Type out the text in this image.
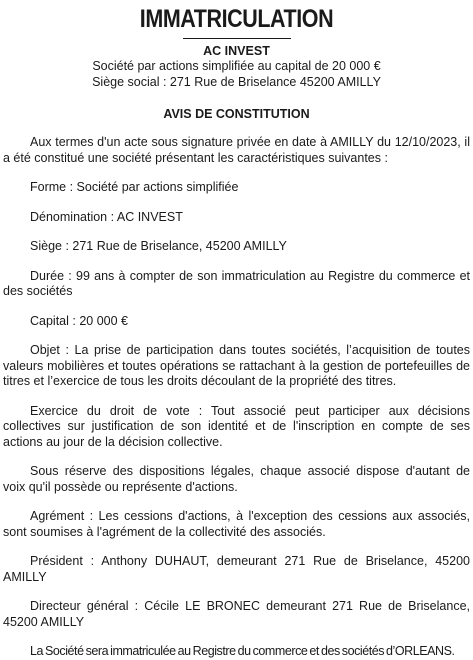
IMMATRICULATION
AC INVEST
Société par actions simplifiée au capital de 20 000 €
Siège social : 271 Rue de Briselance 45200 AMILLY
AVIS DE CONSTITUTION

Aux termes d'un acte sous signature privée en date à AMILLY du 12/10/2023, il a été constitué une société présentant les caractéristiques suivantes :

Forme : Société par actions simplifiée

Dénomination : AC INVEST

Siège : 271 Rue de Briselance, 45200 AMILLY

Durée : 99 ans à compter de son immatriculation au Registre du commerce et des sociétés

Capital : 20 000 €

Objet : La prise de participation dans toutes sociétés, l’acquisition de toutes valeurs mobilières et toutes opérations se rattachant à la gestion de portefeuilles de titres et l’exercice de tous les droits découlant de la propriété des titres.

Exercice du droit de vote : Tout associé peut participer aux décisions collectives sur justification de son identité et de l'inscription en compte de ses actions au jour de la décision collective.

Sous réserve des dispositions légales, chaque associé dispose d'autant de voix qu'il possède ou représente d'actions.

Agrément : Les cessions d'actions, à l'exception des cessions aux associés, sont soumises à l'agrément de la collectivité des associés.

Président : Anthony DUHAUT, demeurant 271 Rue de Briselance, 45200 AMILLY

Directeur général : Cécile LE BRONEC demeurant 271 Rue de Briselance, 45200 AMILLY

La Société sera immatriculée au Registre du commerce et des sociétés d’ORLEANS.
